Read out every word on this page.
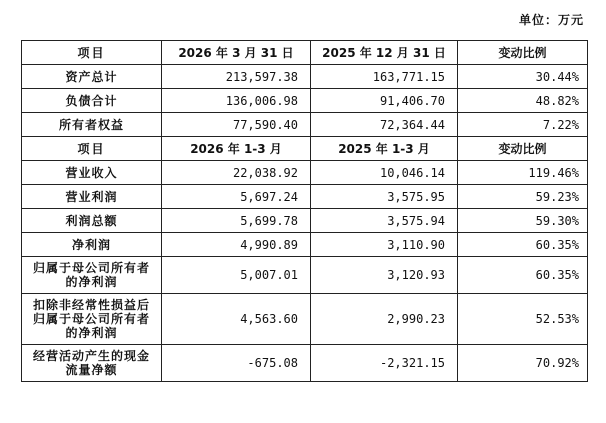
单位：万元
项目	2026 年 3 月 31 日	2025 年 12 月 31 日	变动比例
资产总计	213,597.38	163,771.15	30.44%
负债合计	136,006.98	91,406.70	48.82%
所有者权益	77,590.40	72,364.44	7.22%
项目	2026 年 1-3 月	2025 年 1-3 月	变动比例
营业收入	22,038.92	10,046.14	119.46%
营业利润	5,697.24	3,575.95	59.23%
利润总额	5,699.78	3,575.94	59.30%
净利润	4,990.89	3,110.90	60.35%
归属于母公司所有者的净利润	5,007.01	3,120.93	60.35%
扣除非经常性损益后归属于母公司所有者的净利润	4,563.60	2,990.23	52.53%
经营活动产生的现金流量净额	-675.08	-2,321.15	70.92%
